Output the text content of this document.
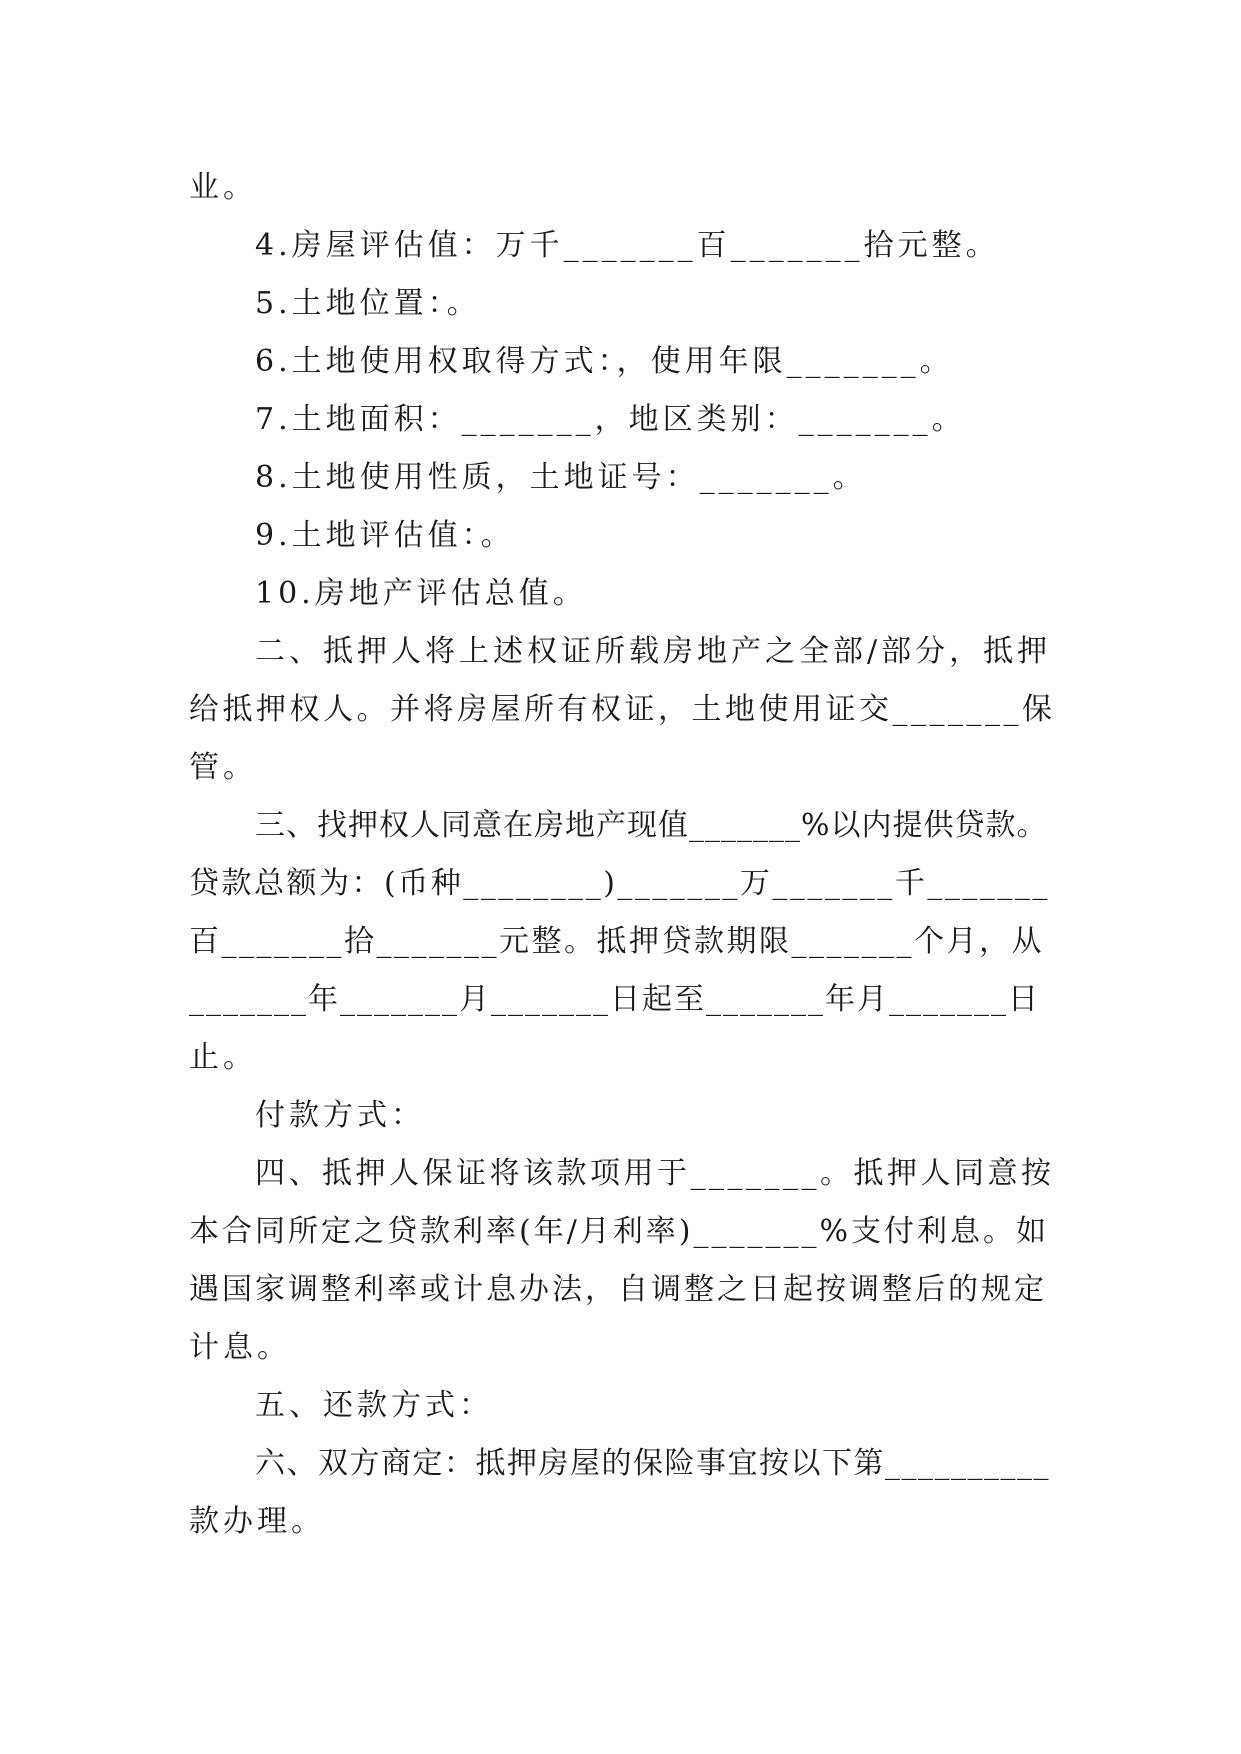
业。
4.房屋评估值：万千_______百_______拾元整。
5.土地位置：。
6.土地使用权取得方式：，使用年限_______。
7.土地面积：_______，地区类别：_______。
8.土地使用性质，土地证号：_______。
9.土地评估值：。
10.房地产评估总值。
二、抵押人将上述权证所载房地产之全部/部分，抵押
给抵押权人。并将房屋所有权证，土地使用证交_______保
管。
三、找押权人同意在房地产现值_______%以内提供贷款。
贷款总额为：(币种________)_______万_______千_______
百_______拾_______元整。抵押贷款期限_______个月，从
_______年_______月_______日起至_______年月_______日
止。
付款方式：
四、抵押人保证将该款项用于_______。抵押人同意按
本合同所定之贷款利率(年/月利率)_______%支付利息。如
遇国家调整利率或计息办法，自调整之日起按调整后的规定
计息。
五、还款方式：
六、双方商定：抵押房屋的保险事宜按以下第__________
款办理。
